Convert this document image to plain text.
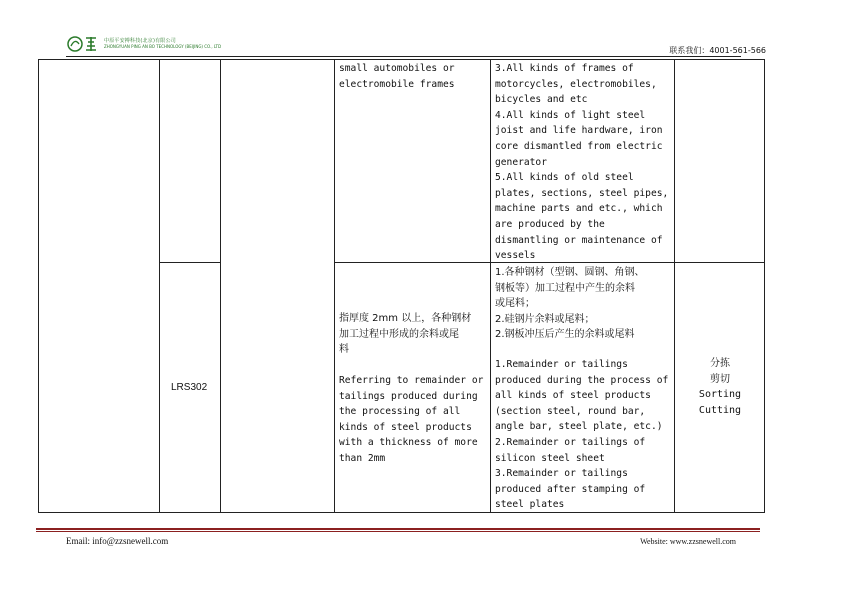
中原平安搏科技(北京)有限公司
ZHONGYUAN PING AN BO TECHNOLOGY (BEIJING) CO., LTD	联系我们：4001-561-566
small automobiles or
electromobile frames
3.All kinds of frames of
motorcycles, electromobiles,
bicycles and etc
4.All kinds of light steel
joist and life hardware, iron
core dismantled from electric
generator
5.All kinds of old steel
plates, sections, steel pipes,
machine parts and etc., which
are produced by the
dismantling or maintenance of
vessels
LRS302
指厚度 2mm 以上，各种钢材
加工过程中形成的余料或尾
料
Referring to remainder or
tailings produced during
the processing of all
kinds of steel products
with a thickness of more
than 2mm
1.各种钢材（型钢、圆钢、角钢、
钢板等）加工过程中产生的余料
或尾料；
2.硅钢片余料或尾料；
2.钢板冲压后产生的余料或尾料
1.Remainder or tailings
produced during the process of
all kinds of steel products
(section steel, round bar,
angle bar, steel plate, etc.)
2.Remainder or tailings of
silicon steel sheet
3.Remainder or tailings
produced after stamping of
steel plates
分拣
剪切
Sorting
Cutting
Email: info@zzsnewell.com	Website: www.zzsnewell.com
